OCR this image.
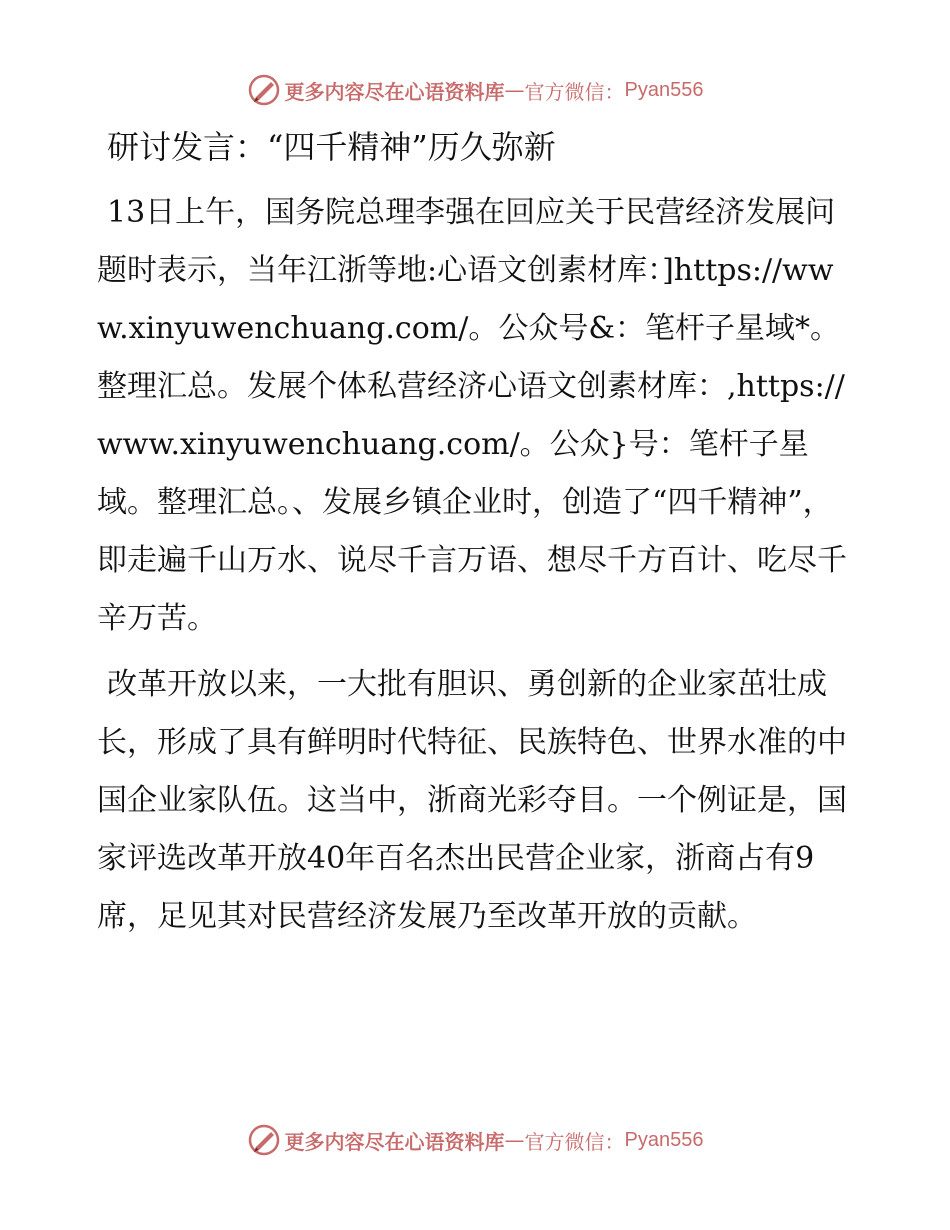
更多内容尽在心语资料库 — 官方微信： Pyan556
研讨发言：“四千精神”历久弥新

13日上午，国务院总理李强在回应关于民营经济发展问题时表示，当年江浙等地:心语文创素材库：]https://www.xinyuwenchuang.com/。公众号&：笔杆子星域*。整理汇总。发展个体私营经济心语文创素材库：,https://www.xinyuwenchuang.com/。公众}号：笔杆子星域。整理汇总。、发展乡镇企业时，创造了“四千精神”，即走遍千山万水、说尽千言万语、想尽千方百计、吃尽千辛万苦。

改革开放以来，一大批有胆识、勇创新的企业家茁壮成长，形成了具有鲜明时代特征、民族特色、世界水准的中国企业家队伍。这当中，浙商光彩夺目。一个例证是，国家评选改革开放40年百名杰出民营企业家，浙商占有9席，足见其对民营经济发展乃至改革开放的贡献。

更多内容尽在心语资料库 — 官方微信： Pyan556
